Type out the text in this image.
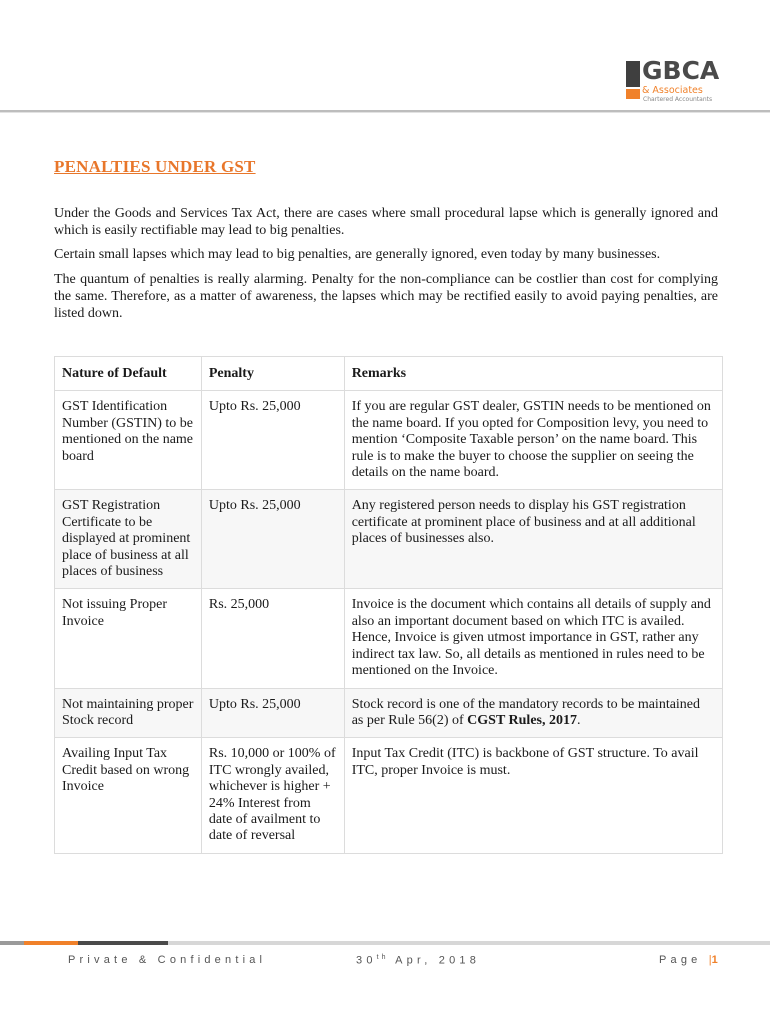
GBCA
& Associates
Chartered Accountants
PENALTIES UNDER GST

Under the Goods and Services Tax Act, there are cases where small procedural lapse which is generally ignored and which is easily rectifiable may lead to big penalties.

Certain small lapses which may lead to big penalties, are generally ignored, even today by many businesses.

The quantum of penalties is really alarming. Penalty for the non-compliance can be costlier than cost for complying the same. Therefore, as a matter of awareness, the lapses which may be rectified easily to avoid paying penalties, are listed down.

Nature of Default	Penalty	Remarks
GST Identification Number (GSTIN) to be mentioned on the name board	Upto Rs. 25,000	If you are regular GST dealer, GSTIN needs to be mentioned on the name board. If you opted for Composition levy, you need to mention ‘Composite Taxable person’ on the name board. This rule is to make the buyer to choose the supplier on seeing the details on the name board.
GST Registration Certificate to be displayed at prominent place of business at all places of business	Upto Rs. 25,000	Any registered person needs to display his GST registration certificate at prominent place of business and at all additional places of businesses also.
Not issuing Proper Invoice	Rs. 25,000	Invoice is the document which contains all details of supply and also an important document based on which ITC is availed. Hence, Invoice is given utmost importance in GST, rather any indirect tax law. So, all details as mentioned in rules need to be mentioned on the Invoice.
Not maintaining proper Stock record	Upto Rs. 25,000	Stock record is one of the mandatory records to be maintained as per Rule 56(2) of CGST Rules, 2017.
Availing Input Tax Credit based on wrong Invoice	Rs. 10,000 or 100% of ITC wrongly availed, whichever is higher + 24% Interest from date of availment to date of reversal	Input Tax Credit (ITC) is backbone of GST structure. To avail ITC, proper Invoice is must.
Private & Confidential	30th Apr, 2018	Page |1
